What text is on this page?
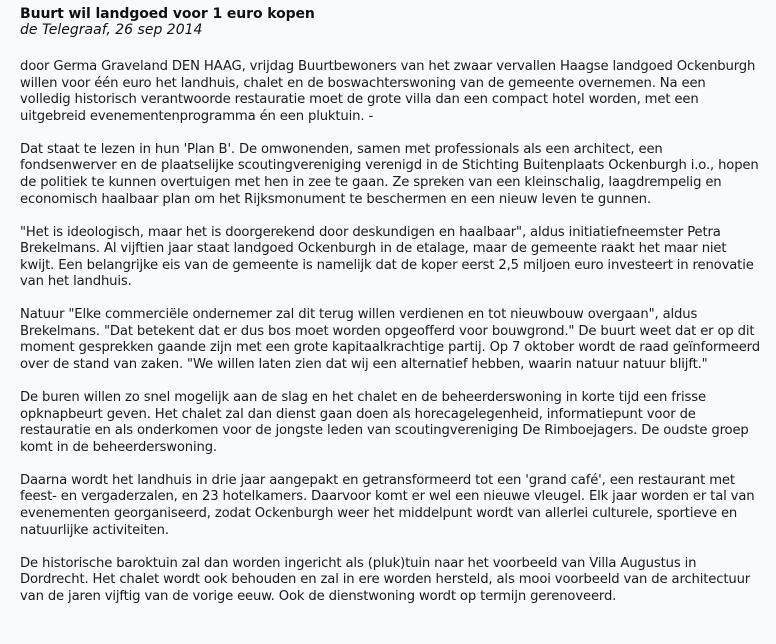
Buurt wil landgoed voor 1 euro kopen

de Telegraaf, 26 sep 2014

door Germa Graveland DEN HAAG, vrijdag Buurtbewoners van het zwaar vervallen Haagse landgoed Ockenburgh willen voor één euro het landhuis, chalet en de boswachterswoning van de gemeente overnemen. Na een volledig historisch verantwoorde restauratie moet de grote villa dan een compact hotel worden, met een uitgebreid evenementenprogramma én een pluktuin. -

Dat staat te lezen in hun 'Plan B'. De omwonenden, samen met professionals als een architect, een fondsenwerver en de plaatselijke scoutingvereniging verenigd in de Stichting Buitenplaats Ockenburgh i.o., hopen de politiek te kunnen overtuigen met hen in zee te gaan. Ze spreken van een kleinschalig, laagdrempelig en economisch haalbaar plan om het Rijksmonument te beschermen en een nieuw leven te gunnen.

"Het is ideologisch, maar het is doorgerekend door deskundigen en haalbaar", aldus initiatiefneemster Petra Brekelmans. Al vijftien jaar staat landgoed Ockenburgh in de etalage, maar de gemeente raakt het maar niet kwijt. Een belangrijke eis van de gemeente is namelijk dat de koper eerst 2,5 miljoen euro investeert in renovatie van het landhuis.

Natuur "Elke commerciële ondernemer zal dit terug willen verdienen en tot nieuwbouw overgaan", aldus Brekelmans. "Dat betekent dat er dus bos moet worden opgeofferd voor bouwgrond." De buurt weet dat er op dit moment gesprekken gaande zijn met een grote kapitaalkrachtige partij. Op 7 oktober wordt de raad geïnformeerd over de stand van zaken. "We willen laten zien dat wij een alternatief hebben, waarin natuur natuur blijft."

De buren willen zo snel mogelijk aan de slag en het chalet en de beheerderswoning in korte tijd een frisse opknapbeurt geven. Het chalet zal dan dienst gaan doen als horecagelegenheid, informatiepunt voor de restauratie en als onderkomen voor de jongste leden van scoutingvereniging De Rimboejagers. De oudste groep komt in de beheerderswoning.

Daarna wordt het landhuis in drie jaar aangepakt en getransformeerd tot een 'grand café', een restaurant met feest- en vergaderzalen, en 23 hotelkamers. Daarvoor komt er wel een nieuwe vleugel. Elk jaar worden er tal van evenementen georganiseerd, zodat Ockenburgh weer het middelpunt wordt van allerlei culturele, sportieve en natuurlijke activiteiten.

De historische baroktuin zal dan worden ingericht als (pluk)tuin naar het voorbeeld van Villa Augustus in Dordrecht. Het chalet wordt ook behouden en zal in ere worden hersteld, als mooi voorbeeld van de architectuur van de jaren vijftig van de vorige eeuw. Ook de dienstwoning wordt op termijn gerenoveerd.
